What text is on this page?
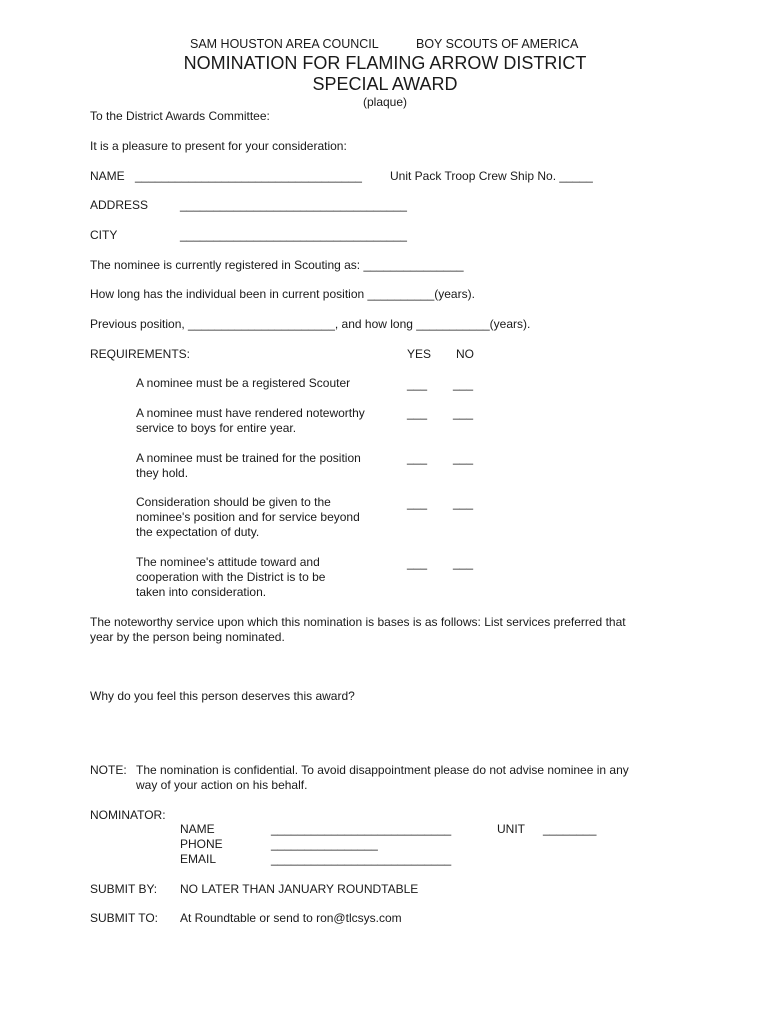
SAM HOUSTON AREA COUNCIL	BOY SCOUTS OF AMERICA
NOMINATION FOR FLAMING ARROW DISTRICT
SPECIAL AWARD
(plaque)
To the District Awards Committee:
It is a pleasure to present for your consideration:
NAME __________________________________ Unit Pack Troop Crew Ship No. _____
ADDRESS	__________________________________
CITY	__________________________________
The nominee is currently registered in Scouting as: _______________
How long has the individual been in current position __________(years).
Previous position, ______________________, and how long ___________(years).
REQUIREMENTS:	YES NO
A nominee must be a registered Scouter	___ ___
A nominee must have rendered noteworthy
service to boys for entire year.
___ ___
A nominee must be trained for the position
they hold.
___ ___
Consideration should be given to the
nominee's position and for service beyond
the expectation of duty.
___ ___
The nominee's attitude toward and
cooperation with the District is to be
taken into consideration.
___ ___
The noteworthy service upon which this nomination is bases is as follows: List services preferred that
year by the person being nominated.
Why do you feel this person deserves this award?
NOTE: The nomination is confidential. To avoid disappointment please do not advise nominee in any
way of your action on his behalf.
NOMINATOR:
NAME	___________________________	UNIT ________
PHONE	________________
EMAIL	___________________________
SUBMIT BY: NO LATER THAN JANUARY ROUNDTABLE
SUBMIT TO: At Roundtable or send to ron@tlcsys.com
